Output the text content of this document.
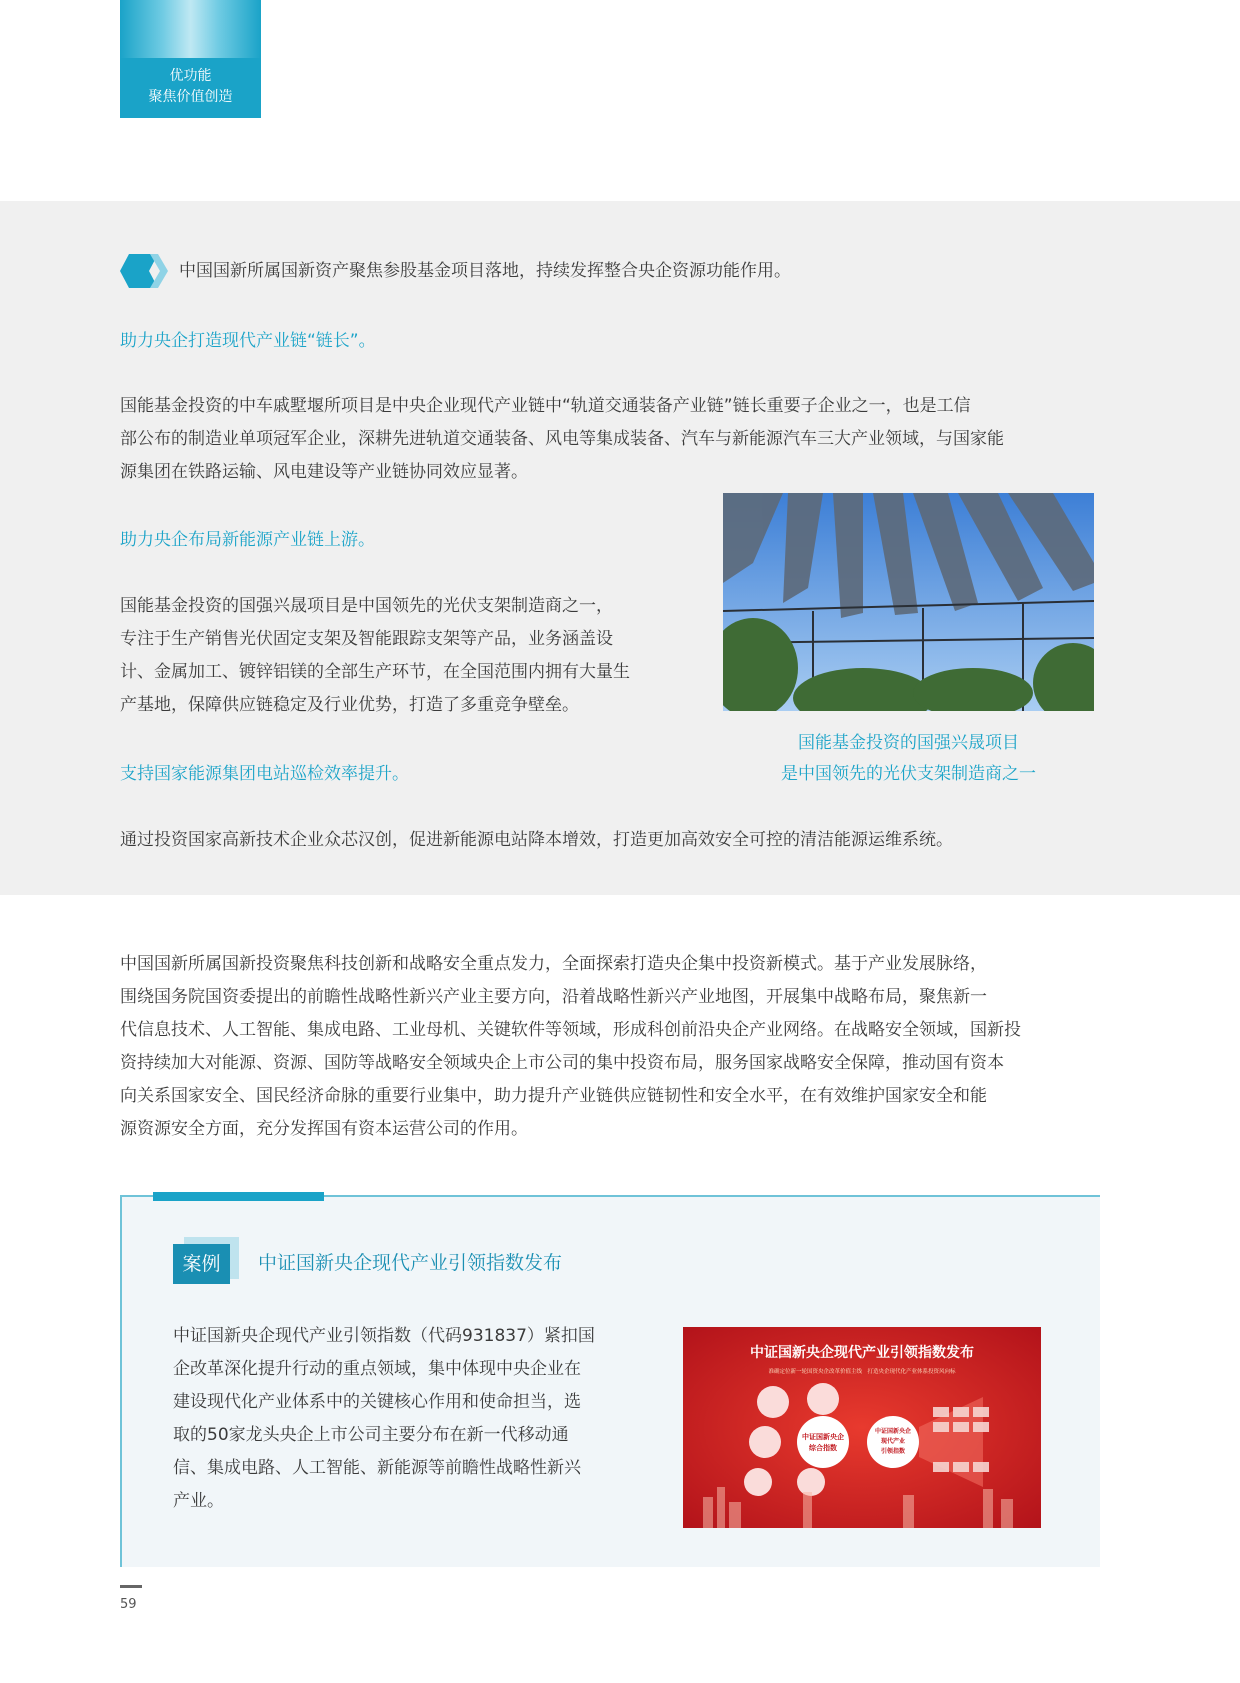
优功能
聚焦价值创造
中国国新所属国新资产聚焦参股基金项目落地，持续发挥整合央企资源功能作用。
助力央企打造现代产业链“链长”。
国能基金投资的中车戚墅堰所项目是中央企业现代产业链中“轨道交通装备产业链”链长重要子企业之一，也是工信
部公布的制造业单项冠军企业，深耕先进轨道交通装备、风电等集成装备、汽车与新能源汽车三大产业领域，与国家能
源集团在铁路运输、风电建设等产业链协同效应显著。
助力央企布局新能源产业链上游。
国能基金投资的国强兴晟项目是中国领先的光伏支架制造商之一，
专注于生产销售光伏固定支架及智能跟踪支架等产品，业务涵盖设
计、金属加工、镀锌铝镁的全部生产环节，在全国范围内拥有大量生
产基地，保障供应链稳定及行业优势，打造了多重竞争壁垒。
国能基金投资的国强兴晟项目
是中国领先的光伏支架制造商之一
支持国家能源集团电站巡检效率提升。
通过投资国家高新技术企业众芯汉创，促进新能源电站降本增效，打造更加高效安全可控的清洁能源运维系统。
中国国新所属国新投资聚焦科技创新和战略安全重点发力，全面探索打造央企集中投资新模式。基于产业发展脉络，
围绕国务院国资委提出的前瞻性战略性新兴产业主要方向，沿着战略性新兴产业地图，开展集中战略布局，聚焦新一
代信息技术、人工智能、集成电路、工业母机、关键软件等领域，形成科创前沿央企产业网络。在战略安全领域，国新投
资持续加大对能源、资源、国防等战略安全领域央企上市公司的集中投资布局，服务国家战略安全保障，推动国有资本
向关系国家安全、国民经济命脉的重要行业集中，助力提升产业链供应链韧性和安全水平，在有效维护国家安全和能
源资源安全方面，充分发挥国有资本运营公司的作用。
案例	中证国新央企现代产业引领指数发布
中证国新央企现代产业引领指数（代码931837）紧扣国
企改革深化提升行动的重点领域，集中体现中央企业在
建设现代化产业体系中的关键核心作用和使命担当，选
取的50家龙头央企上市公司主要分布在新一代移动通
信、集成电路、人工智能、新能源等前瞻性战略性新兴
产业。
中证国新央企现代产业引领指数发布
准确定位新一轮国资央企改革价值主线　打造央企现代化产业体系投资风向标
中证国新央企
综合指数
中证国新央企
现代产业
引领指数
59
